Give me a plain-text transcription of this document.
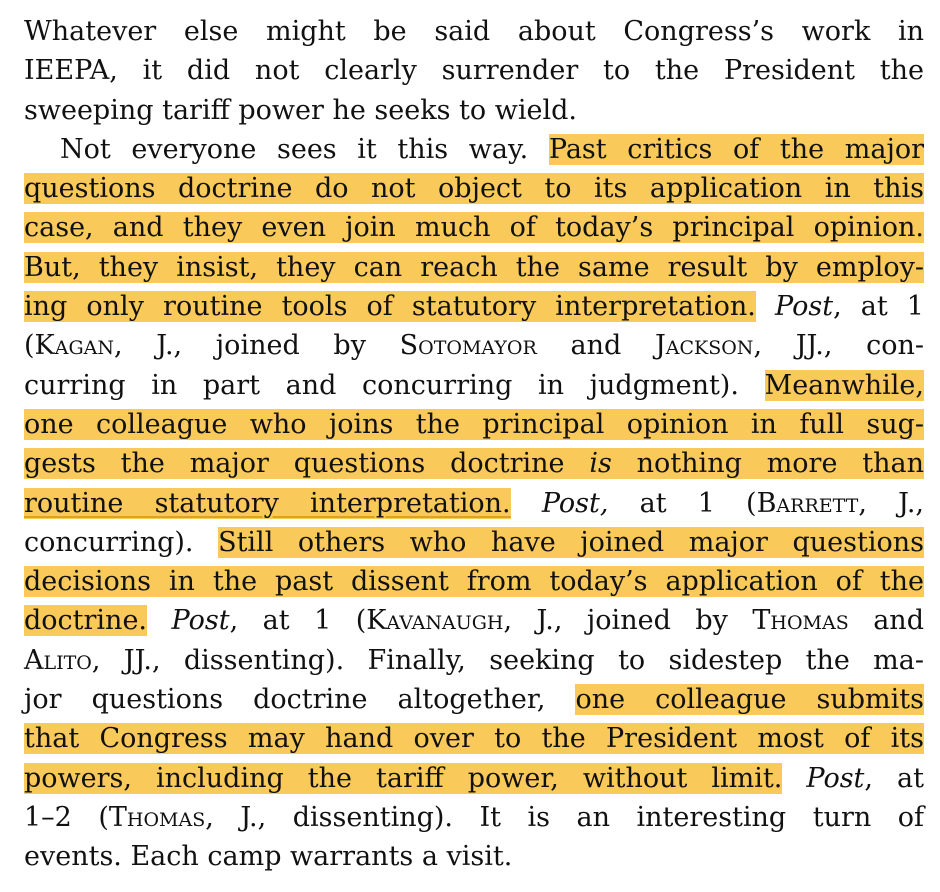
Whatever else might be said about Congress’s work in
IEEPA, it did not clearly surrender to the President the
sweeping tariff power he seeks to wield.
Not everyone sees it this way. Past critics of the major
questions doctrine do not object to its application in this
case, and they even join much of today’s principal opinion.
But, they insist, they can reach the same result by employ-
ing only routine tools of statutory interpretation. Post, at 1
(Kagan, J., joined by Sotomayor and Jackson, JJ., con-
curring in part and concurring in judgment). Meanwhile,
one colleague who joins the principal opinion in full sug-
gests the major questions doctrine is nothing more than
routine statutory interpretation. Post, at 1 (Barrett, J.,
concurring). Still others who have joined major questions
decisions in the past dissent from today’s application of the
doctrine. Post, at 1 (Kavanaugh, J., joined by Thomas and
Alito, JJ., dissenting). Finally, seeking to sidestep the ma-
jor questions doctrine altogether, one colleague submits
that Congress may hand over to the President most of its
powers, including the tariff power, without limit. Post, at
1–2 (Thomas, J., dissenting). It is an interesting turn of
events. Each camp warrants a visit.
